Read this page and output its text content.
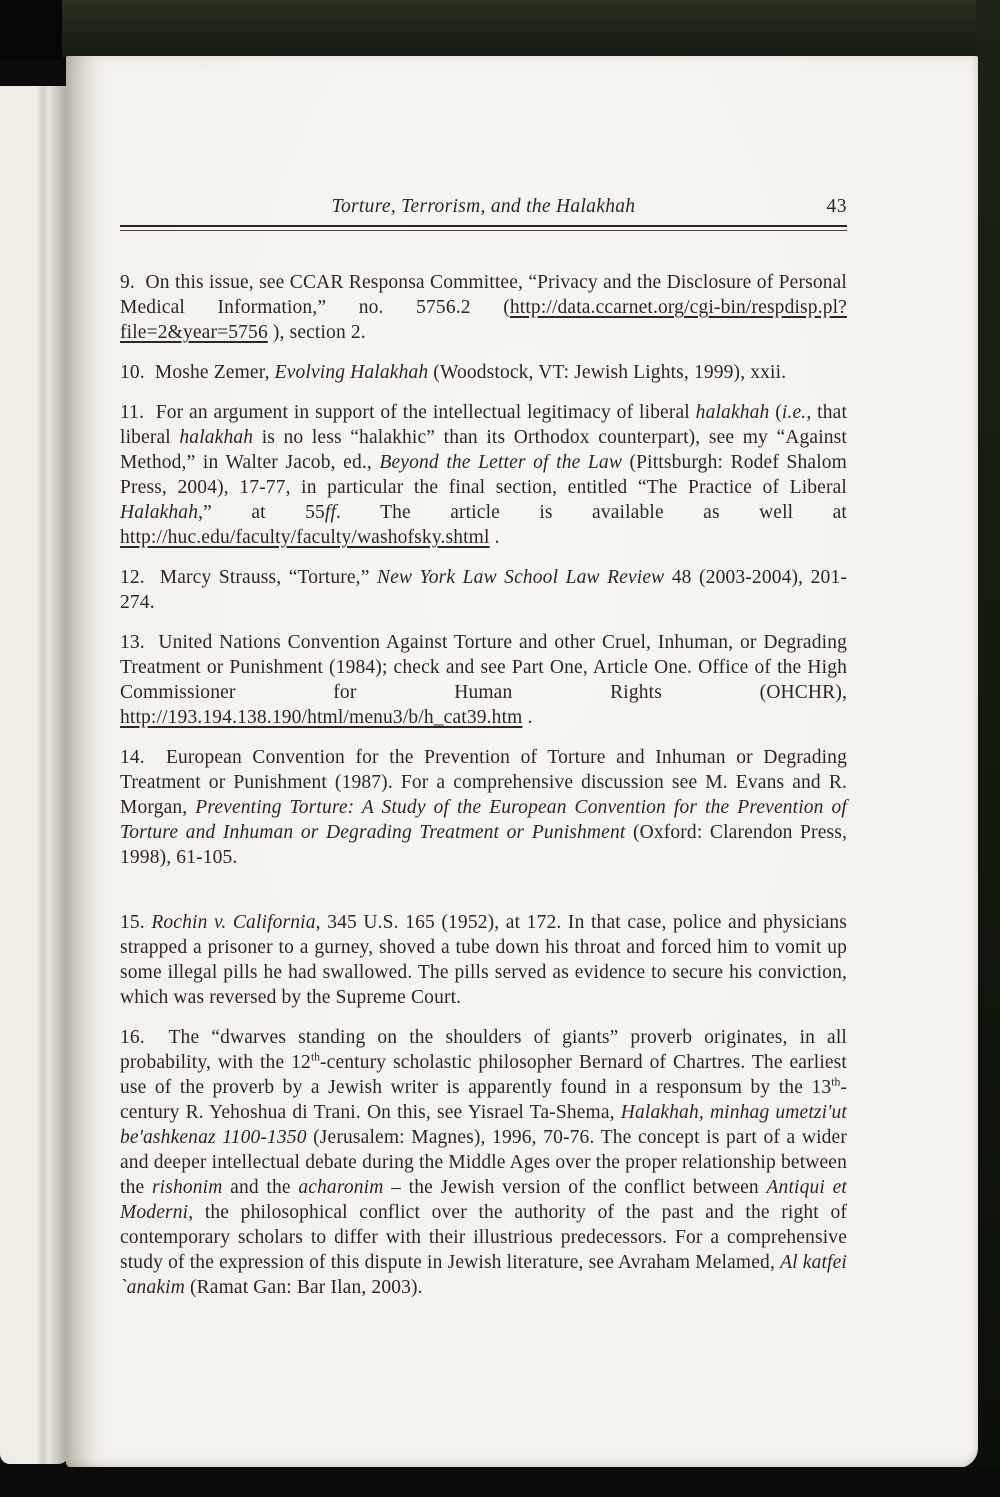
Torture, Terrorism, and the Halakhah	43

9.  On this issue, see CCAR Responsa Committee, “Privacy and the Disclosure of Personal Medical Information,” no. 5756.2 (http://data.ccarnet.org/cgi-bin/respdisp.pl?file=2&year=5756 ), section 2.

10.  Moshe Zemer, Evolving Halakhah (Woodstock, VT: Jewish Lights, 1999), xxii.

11.  For an argument in support of the intellectual legitimacy of liberal halakhah (i.e., that liberal halakhah is no less “halakhic” than its Orthodox counterpart), see my “Against Method,” in Walter Jacob, ed., Beyond the Letter of the Law (Pittsburgh: Rodef Shalom Press, 2004), 17-77, in particular the final section, entitled “The Practice of Liberal Halakhah,” at 55ff. The article is available as well at http://huc.edu/faculty/faculty/washofsky.shtml .

12.  Marcy Strauss, “Torture,” New York Law School Law Review 48 (2003-2004), 201-274.

13.  United Nations Convention Against Torture and other Cruel, Inhuman, or Degrading Treatment or Punishment (1984); check and see Part One, Article One. Office of the High Commissioner for Human Rights (OHCHR), http://193.194.138.190/html/menu3/b/h_cat39.htm .

14.  European Convention for the Prevention of Torture and Inhuman or Degrading Treatment or Punishment (1987). For a comprehensive discussion see M. Evans and R. Morgan, Preventing Torture: A Study of the European Convention for the Prevention of Torture and Inhuman or Degrading Treatment or Punishment (Oxford: Clarendon Press, 1998), 61-105.

15. Rochin v. California, 345 U.S. 165 (1952), at 172. In that case, police and physicians strapped a prisoner to a gurney, shoved a tube down his throat and forced him to vomit up some illegal pills he had swallowed. The pills served as evidence to secure his conviction, which was reversed by the Supreme Court.

16.  The “dwarves standing on the shoulders of giants” proverb originates, in all probability, with the 12th-century scholastic philosopher Bernard of Chartres. The earliest use of the proverb by a Jewish writer is apparently found in a responsum by the 13th-century R. Yehoshua di Trani. On this, see Yisrael Ta-Shema, Halakhah, minhag umetzi'ut be'ashkenaz 1100-1350 (Jerusalem: Magnes), 1996, 70-76. The concept is part of a wider and deeper intellectual debate during the Middle Ages over the proper relationship between the rishonim and the acharonim – the Jewish version of the conflict between Antiqui et Moderni, the philosophical conflict over the authority of the past and the right of contemporary scholars to differ with their illustrious predecessors. For a comprehensive study of the expression of this dispute in Jewish literature, see Avraham Melamed, Al katfei `anakim (Ramat Gan: Bar Ilan, 2003).
